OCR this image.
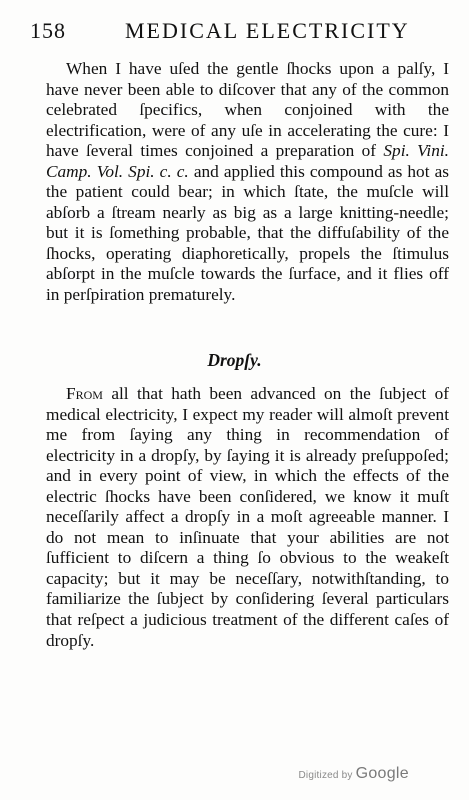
158	MEDICAL ELECTRICITY

When I have uſed the gentle ſhocks upon a palſy, I have never been able to diſcover that any of the common celebrated ſpecifics, when conjoined with the electrification, were of any uſe in accelerating the cure: I have ſeveral times conjoined a preparation of Spi. Vini. Camp. Vol. Spi. c. c. and applied this compound as hot as the patient could bear; in which ſtate, the muſcle will abſorb a ſtream nearly as big as a large knitting-needle; but it is ſomething probable, that the diffuſability of the ſhocks, operating diaphoretically, propels the ſtimulus abſorpt in the muſcle towards the ſurface, and it flies off in perſpiration prematurely.

Dropſy.

From all that hath been advanced on the ſubject of medical electricity, I expect my reader will almoſt prevent me from ſaying any thing in recommendation of electricity in a dropſy, by ſaying it is already preſuppoſed; and in every point of view, in which the effects of the electric ſhocks have been conſidered, we know it muſt neceſſarily affect a dropſy in a moſt agreeable manner. I do not mean to inſinuate that your abilities are not ſufficient to diſcern a thing ſo obvious to the weakeſt capacity; but it may be neceſſary, notwithſtanding, to familiarize the ſubject by conſidering ſeveral particulars that reſpect a judicious treatment of the different caſes of dropſy.

Digitized by Google
